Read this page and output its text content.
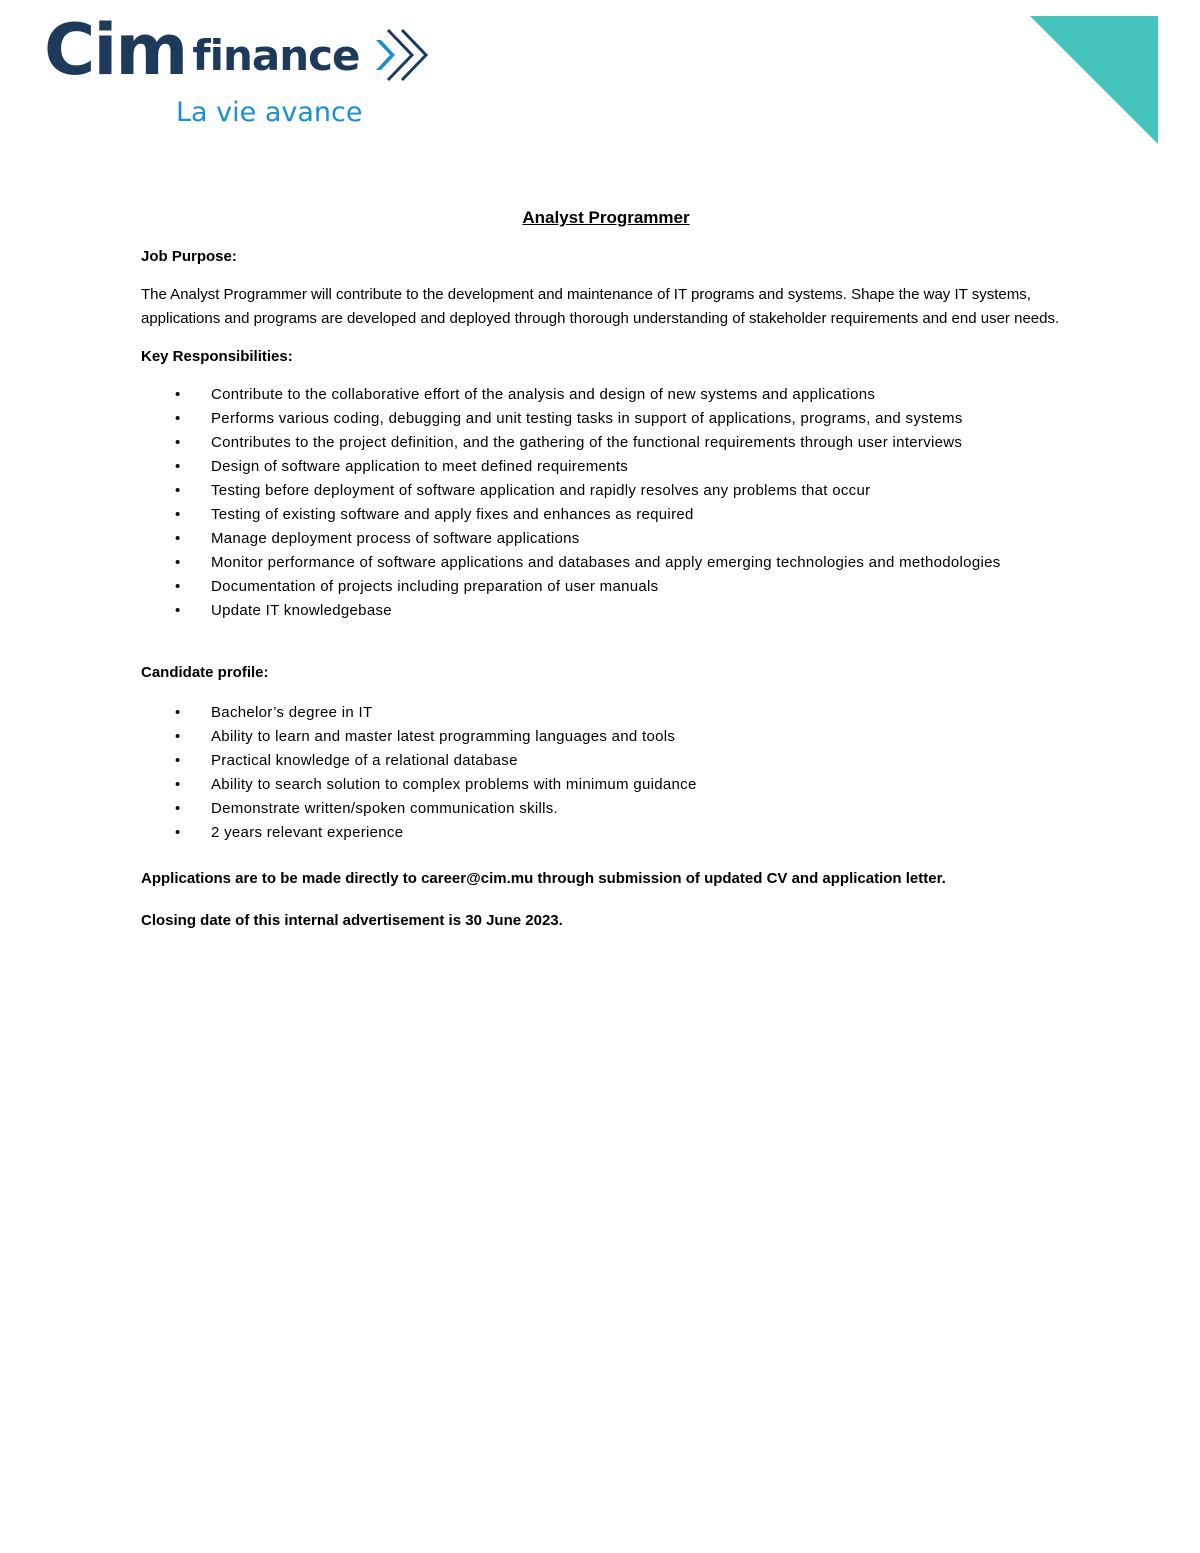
Cim finance
La vie avance
Analyst Programmer
Job Purpose:
The Analyst Programmer will contribute to the development and maintenance of IT programs and systems. Shape the way IT systems, applications and programs are developed and deployed through thorough understanding of stakeholder requirements and end user needs.
Key Responsibilities:
• Contribute to the collaborative effort of the analysis and design of new systems and applications
• Performs various coding, debugging and unit testing tasks in support of applications, programs, and systems
• Contributes to the project definition, and the gathering of the functional requirements through user interviews
• Design of software application to meet defined requirements
• Testing before deployment of software application and rapidly resolves any problems that occur
• Testing of existing software and apply fixes and enhances as required
• Manage deployment process of software applications
• Monitor performance of software applications and databases and apply emerging technologies and methodologies
• Documentation of projects including preparation of user manuals
• Update IT knowledgebase
Candidate profile:
• Bachelor’s degree in IT
• Ability to learn and master latest programming languages and tools
• Practical knowledge of a relational database
• Ability to search solution to complex problems with minimum guidance
• Demonstrate written/spoken communication skills.
• 2 years relevant experience
Applications are to be made directly to career@cim.mu through submission of updated CV and application letter.
Closing date of this internal advertisement is 30 June 2023.
